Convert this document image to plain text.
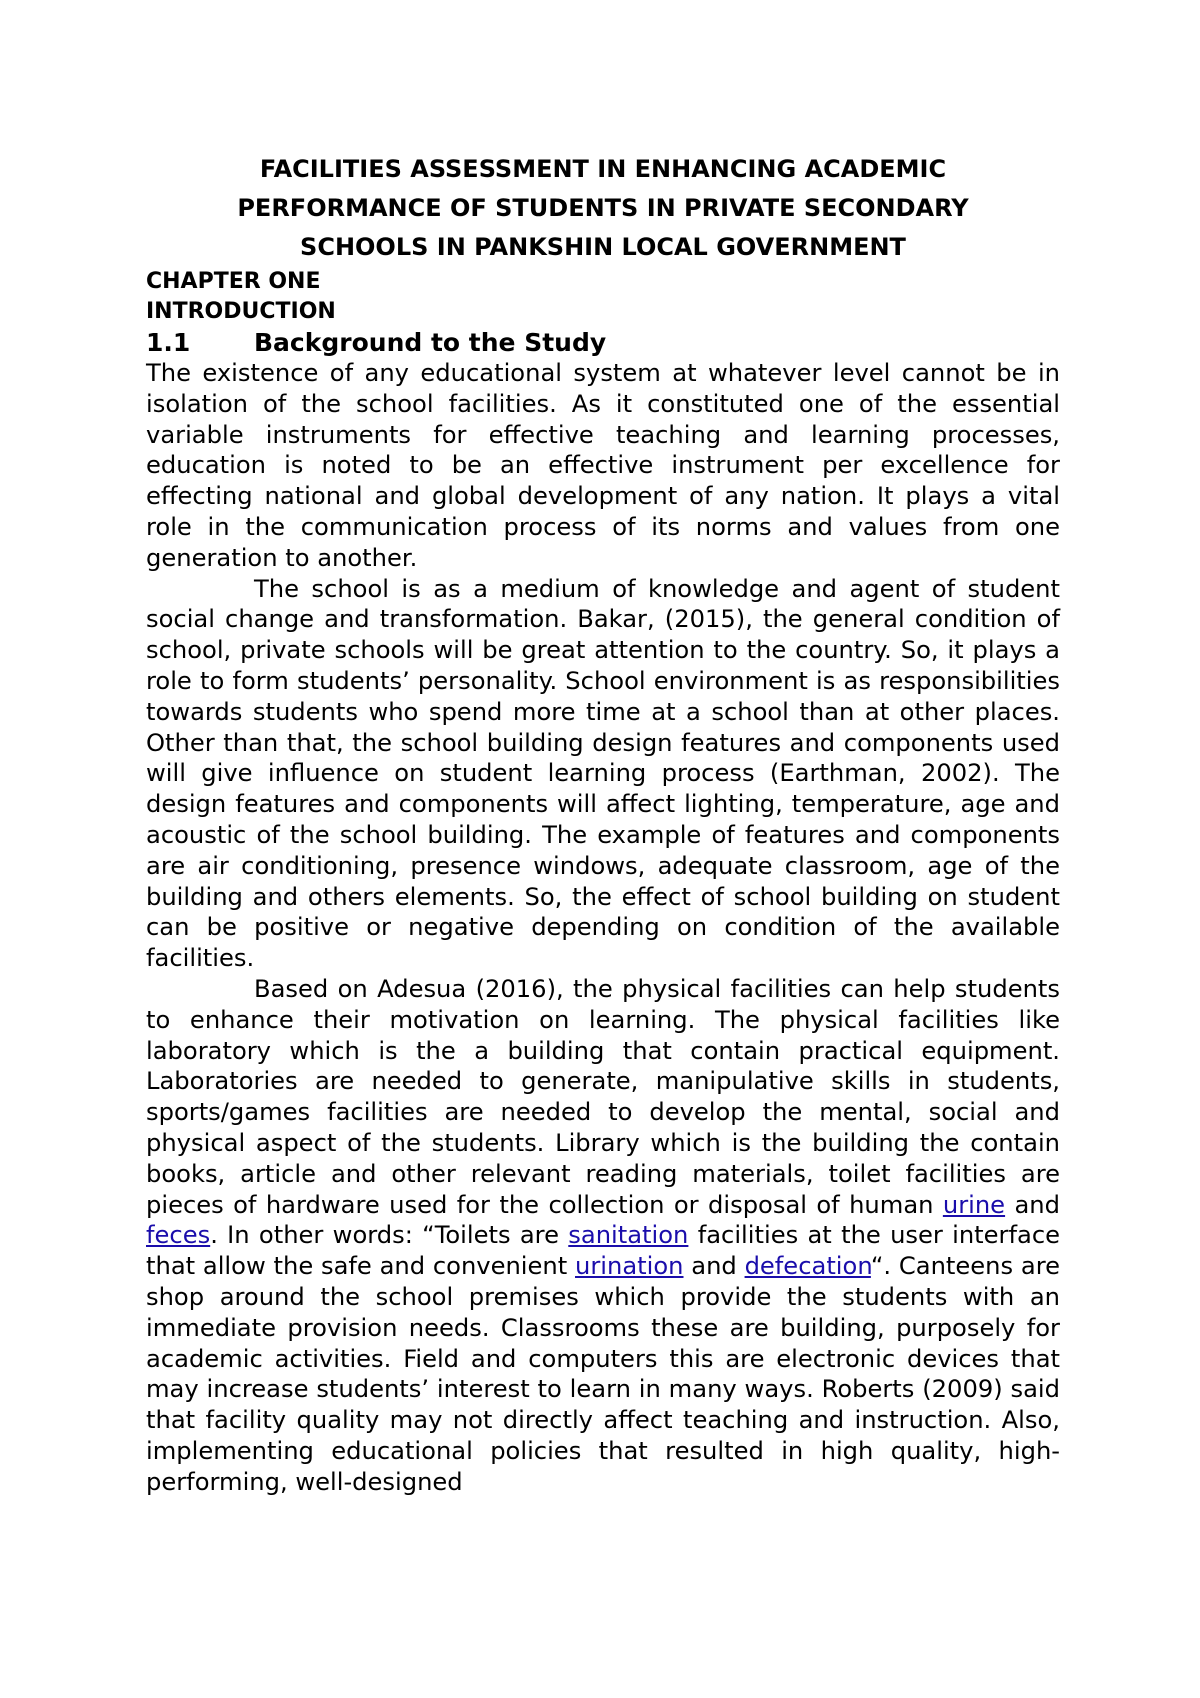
FACILITIES ASSESSMENT IN ENHANCING ACADEMIC
PERFORMANCE OF STUDENTS IN PRIVATE SECONDARY
SCHOOLS IN PANKSHIN LOCAL GOVERNMENT
CHAPTER ONE
INTRODUCTION
1.1	Background to the Study

The existence of any educational system at whatever level cannot be in isolation of the school facilities. As it constituted one of the essential variable instruments for effective teaching and learning processes, education is noted to be an effective instrument per excellence for effecting national and global development of any nation. It plays a vital role in the communication process of its norms and values from one generation to another.

The school is as a medium of knowledge and agent of student social change and transformation. Bakar, (2015), the general condition of school, private schools will be great attention to the country. So, it plays a role to form students’ personality. School environment is as responsibilities towards students who spend more time at a school than at other places. Other than that, the school building design features and components used will give influence on student learning process (Earthman, 2002). The design features and components will affect lighting, temperature, age and acoustic of the school building. The example of features and components are air conditioning, presence windows, adequate classroom, age of the building and others elements. So, the effect of school building on student can be positive or negative depending on condition of the available facilities.

Based on Adesua (2016), the physical facilities can help students to enhance their motivation on learning. The physical facilities like laboratory which is the a building that contain practical equipment. Laboratories are needed to generate, manipulative skills in students, sports/games facilities are needed to develop the mental, social and physical aspect of the students. Library which is the building the contain books, article and other relevant reading materials, toilet facilities are pieces of hardware used for the collection or disposal of human urine and feces. In other words: “Toilets are sanitation facilities at the user interface that allow the safe and convenient urination and defecation“. Canteens are shop around the school premises which provide the students with an immediate provision needs. Classrooms these are building, purposely for academic activities. Field and computers this are electronic devices that may increase students’ interest to learn in many ways. Roberts (2009) said that facility quality may not directly affect teaching and instruction. Also, implementing educational policies that resulted in high quality, high-performing, well-designed
